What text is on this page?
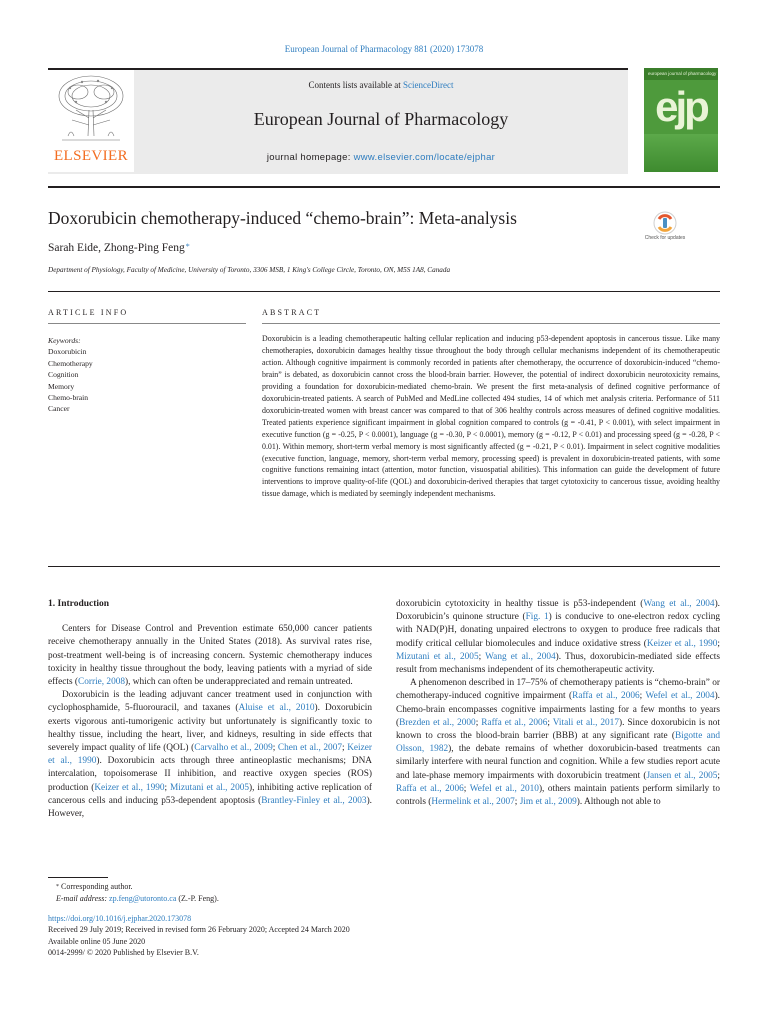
European Journal of Pharmacology 881 (2020) 173078
ELSEVIER
Contents lists available at ScienceDirect
European Journal of Pharmacology
journal homepage: www.elsevier.com/locate/ejphar
european journal of pharmacology
ejp
Doxorubicin chemotherapy-induced “chemo-brain”: Meta-analysis
Sarah Eide, Zhong-Ping Feng*
Department of Physiology, Faculty of Medicine, University of Toronto, 3306 MSB, 1 King's College Circle, Toronto, ON, M5S 1A8, Canada
Check for updates
ARTICLE INFO	ABSTRACT
Keywords:
Doxorubicin
Chemotherapy
Cognition
Memory
Chemo-brain
Cancer
Doxorubicin is a leading chemotherapeutic halting cellular replication and inducing p53-dependent apoptosis in cancerous tissue. Like many chemotherapies, doxorubicin damages healthy tissue throughout the body through cellular mechanisms independent of its chemotherapeutic action. Although cognitive impairment is commonly recorded in patients after chemotherapy, the occurrence of doxorubicin-induced “chemo-brain” is debated, as doxorubicin cannot cross the blood-brain barrier. However, the potential of indirect doxorubicin neurotoxicity remains, providing a foundation for doxorubicin-mediated chemo-brain. We present the first meta-analysis of defined cognitive performance of doxorubicin-treated patients. A search of PubMed and MedLine collected 494 studies, 14 of which met analysis criteria. Performance of 511 doxorubicin-treated women with breast cancer was compared to that of 306 healthy controls across measures of defined cognitive modalities. Treated patients experience significant impairment in global cognition compared to controls (g = -0.41, P < 0.001), with select impairment in executive function (g = -0.25, P < 0.0001), language (g = -0.30, P < 0.0001), memory (g = -0.12, P < 0.01) and processing speed (g = -0.28, P < 0.01). Within memory, short-term verbal memory is most significantly affected (g = -0.21, P < 0.01). Impairment in select cognitive modalities (executive function, language, memory, short-term verbal memory, processing speed) is prevalent in doxorubicin-treated patients, with some cognitive functions remaining intact (attention, motor function, visuospatial abilities). This information can guide the development of future interventions to improve quality-of-life (QOL) and doxorubicin-derived therapies that target cytotoxicity to cancerous tissue, avoiding healthy tissue damage, which is mediated by seemingly independent mechanisms.

1. Introduction

Centers for Disease Control and Prevention estimate 650,000 cancer patients receive chemotherapy annually in the United States (2018). As survival rates rise, post-treatment well-being is of increasing concern. Systemic chemotherapy induces toxicity in healthy tissue throughout the body, leaving patients with a myriad of side effects (Corrie, 2008), which can often be underappreciated and remain untreated.

Doxorubicin is the leading adjuvant cancer treatment used in conjunction with cyclophosphamide, 5-fluorouracil, and taxanes (Aluise et al., 2010). Doxorubicin exerts vigorous anti-tumorigenic activity but unfortunately is significantly toxic to healthy tissue, including the heart, liver, and kidneys, resulting in side effects that severely impact quality of life (QOL) (Carvalho et al., 2009; Chen et al., 2007; Keizer et al., 1990). Doxorubicin acts through three antineoplastic mechanisms; DNA intercalation, topoisomerase II inhibition, and reactive oxygen species (ROS) production (Keizer et al., 1990; Mizutani et al., 2005), inhibiting active replication of cancerous cells and inducing p53-dependent apoptosis (Brantley-Finley et al., 2003). However,

doxorubicin cytotoxicity in healthy tissue is p53-independent (Wang et al., 2004). Doxorubicin’s quinone structure (Fig. 1) is conducive to one-electron redox cycling with NAD(P)H, donating unpaired electrons to oxygen to produce free radicals that modify critical cellular biomolecules and induce oxidative stress (Keizer et al., 1990; Mizutani et al., 2005; Wang et al., 2004). Thus, doxorubicin-mediated side effects result from mechanisms independent of its chemotherapeutic activity.

A phenomenon described in 17–75% of chemotherapy patients is “chemo-brain” or chemotherapy-induced cognitive impairment (Raffa et al., 2006; Wefel et al., 2004). Chemo-brain encompasses cognitive impairments lasting for a few months to years (Brezden et al., 2000; Raffa et al., 2006; Vitali et al., 2017). Since doxorubicin is not known to cross the blood-brain barrier (BBB) at any significant rate (Bigotte and Olsson, 1982), the debate remains of whether doxorubicin-based treatments can similarly interfere with neural function and cognition. While a few studies report acute and late-phase memory impairments with doxorubicin treatment (Jansen et al., 2005; Raffa et al., 2006; Wefel et al., 2010), others maintain patients perform similarly to controls (Hermelink et al., 2007; Jim et al., 2009). Although not able to

* Corresponding author.
E-mail address: zp.feng@utoronto.ca (Z.-P. Feng).
https://doi.org/10.1016/j.ejphar.2020.173078
Received 29 July 2019; Received in revised form 26 February 2020; Accepted 24 March 2020
Available online 05 June 2020
0014-2999/ © 2020 Published by Elsevier B.V.
